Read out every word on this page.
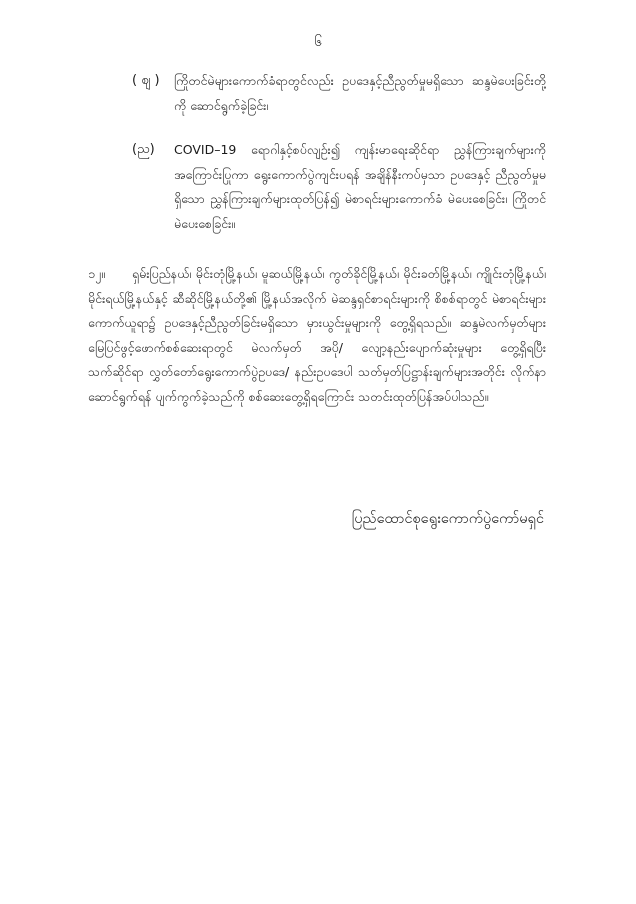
၆
( ဈ ) ကြိုတင်မဲများကောက်ခံရာတွင်လည်း ဥပဒေနှင့်ညီညွတ်မှုမရှိသော ဆန္ဒမဲပေးခြင်းတို့ကို ဆောင်ရွက်ခဲ့ခြင်း၊
(ည) COVID–19 ရောဂါနှင့်စပ်လျဉ်း၍ ကျန်းမာရေးဆိုင်ရာ ညွှန်ကြားချက်များကို အကြောင်းပြုကာ ရွေးကောက်ပွဲကျင်းပရန် အချိန်နီးကပ်မှသာ ဥပဒေနှင့် ညီညွတ်မှုမရှိသော ညွှန်ကြားချက်များထုတ်ပြန်၍ မဲစာရင်းများကောက်ခံ မဲပေးစေခြင်း၊ ကြိုတင်မဲပေးစေခြင်း။
၁၂။ ရှမ်းပြည်နယ်၊ မိုင်းတုံမြို့နယ်၊ မူဆယ်မြို့နယ်၊ ကွတ်ခိုင်မြို့နယ်၊ မိုင်းခတ်မြို့နယ်၊ ကျိုင်းတုံမြို့နယ်၊ မိုင်းရယ်မြို့နယ်နှင့် ဆီဆိုင်မြို့နယ်တို့၏ မြို့နယ်အလိုက် မဲဆန္ဒရှင်စာရင်းများကို စိစစ်ရာတွင် မဲစာရင်းများကောက်ယူရာ၌ ဥပဒေနှင့်ညီညွတ်ခြင်းမရှိသော မှားယွင်းမှုများကို တွေ့ရှိရသည်။ ဆန္ဒမဲလက်မှတ်များ မြေပြင်ဖွင့်ဖောက်စစ်ဆေးရာတွင် မဲလက်မှတ် အပို/ လျော့နည်းပျောက်ဆုံးမှုများ တွေ့ရှိရပြီး သက်ဆိုင်ရာ လွှတ်တော်ရွေးကောက်ပွဲဥပဒေ/ နည်းဥပဒေပါ သတ်မှတ်ပြဋ္ဌာန်းချက်များအတိုင်း လိုက်နာဆောင်ရွက်ရန် ပျက်ကွက်ခဲ့သည်ကို စစ်ဆေးတွေ့ရှိရကြောင်း သတင်းထုတ်ပြန်အပ်ပါသည်။
ပြည်ထောင်စုရွေးကောက်ပွဲကော်မရှင်
